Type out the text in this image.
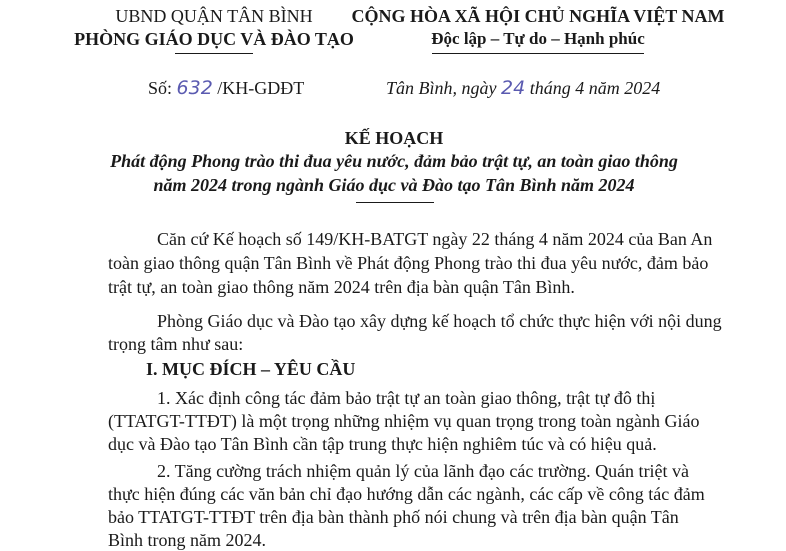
UBND QUẬN TÂN BÌNH
PHÒNG GIÁO DỤC VÀ ĐÀO TẠO
CỘNG HÒA XÃ HỘI CHỦ NGHĨA VIỆT NAM
Độc lập – Tự do – Hạnh phúc
Số: 632 /KH-GDĐT	Tân Bình, ngày 24 tháng 4 năm 2024
KẾ HOẠCH
Phát động Phong trào thi đua yêu nước, đảm bảo trật tự, an toàn giao thông
năm 2024 trong ngành Giáo dục và Đào tạo Tân Bình năm 2024
Căn cứ Kế hoạch số 149/KH-BATGT ngày 22 tháng 4 năm 2024 của Ban An
toàn giao thông quận Tân Bình về Phát động Phong trào thi đua yêu nước, đảm bảo
trật tự, an toàn giao thông năm 2024 trên địa bàn quận Tân Bình.
Phòng Giáo dục và Đào tạo xây dựng kế hoạch tổ chức thực hiện với nội dung
trọng tâm như sau:
I. MỤC ĐÍCH – YÊU CẦU
1. Xác định công tác đảm bảo trật tự an toàn giao thông, trật tự đô thị
(TTATGT-TTĐT) là một trọng những nhiệm vụ quan trọng trong toàn ngành Giáo
dục và Đào tạo Tân Bình cần tập trung thực hiện nghiêm túc và có hiệu quả.
2. Tăng cường trách nhiệm quản lý của lãnh đạo các trường. Quán triệt và
thực hiện đúng các văn bản chỉ đạo hướng dẫn các ngành, các cấp về công tác đảm
bảo TTATGT-TTĐT trên địa bàn thành phố nói chung và trên địa bàn quận Tân
Bình trong năm 2024.
